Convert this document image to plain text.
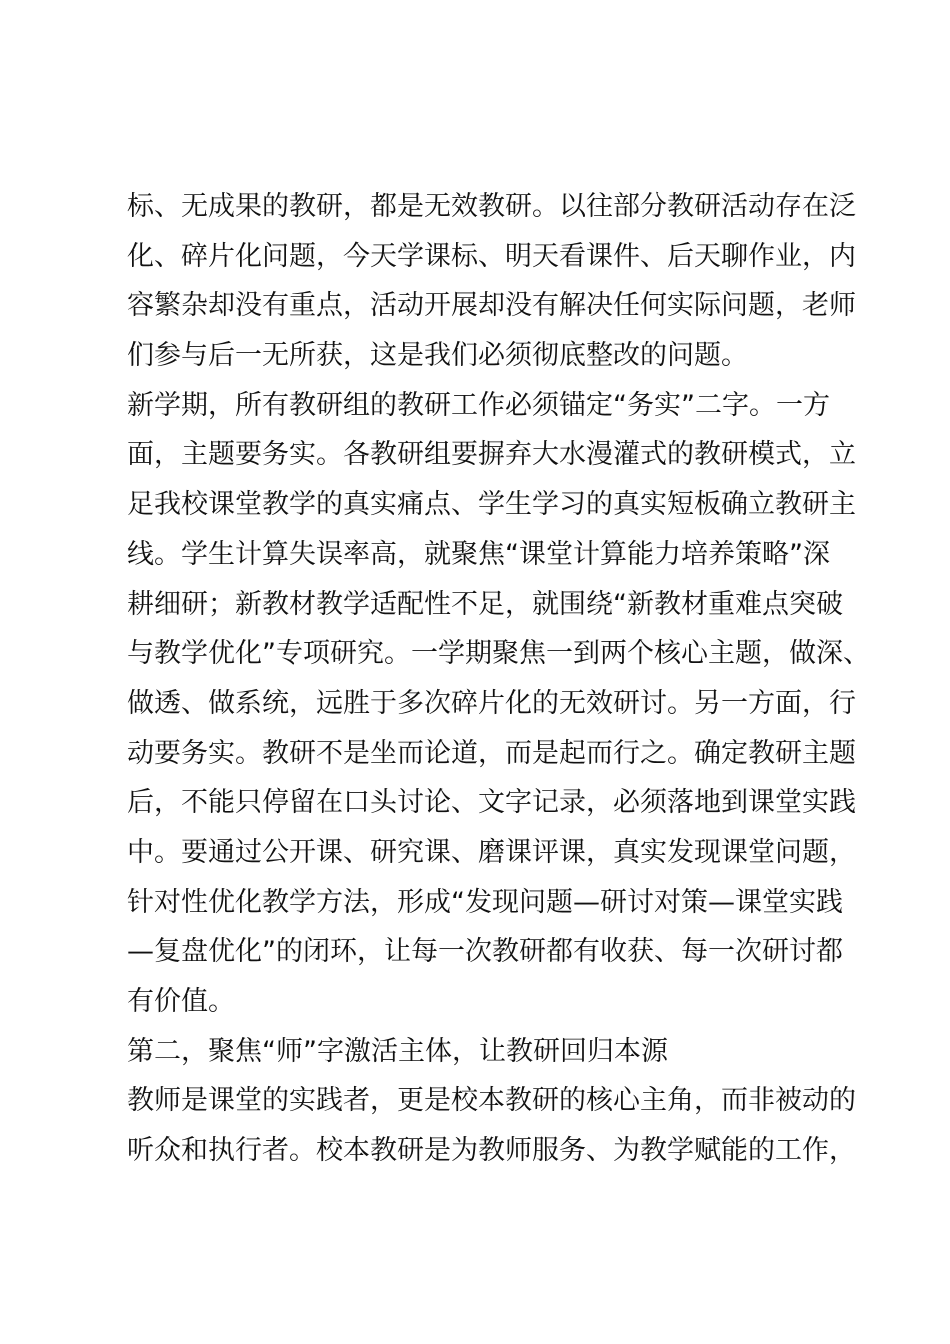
标、无成果的教研，都是无效教研。以往部分教研活动存在泛
化、碎片化问题，今天学课标、明天看课件、后天聊作业，内
容繁杂却没有重点，活动开展却没有解决任何实际问题，老师
们参与后一无所获，这是我们必须彻底整改的问题。
新学期，所有教研组的教研工作必须锚定“务实”二字。一方
面，主题要务实。各教研组要摒弃大水漫灌式的教研模式，立
足我校课堂教学的真实痛点、学生学习的真实短板确立教研主
线。学生计算失误率高，就聚焦“课堂计算能力培养策略”深
耕细研；新教材教学适配性不足，就围绕“新教材重难点突破
与教学优化”专项研究。一学期聚焦一到两个核心主题，做深、
做透、做系统，远胜于多次碎片化的无效研讨。另一方面，行
动要务实。教研不是坐而论道，而是起而行之。确定教研主题
后，不能只停留在口头讨论、文字记录，必须落地到课堂实践
中。要通过公开课、研究课、磨课评课，真实发现课堂问题，
针对性优化教学方法，形成“发现问题—研讨对策—课堂实践
—复盘优化”的闭环，让每一次教研都有收获、每一次研讨都
有价值。
第二，聚焦“师”字激活主体，让教研回归本源
教师是课堂的实践者，更是校本教研的核心主角，而非被动的
听众和执行者。校本教研是为教师服务、为教学赋能的工作，
